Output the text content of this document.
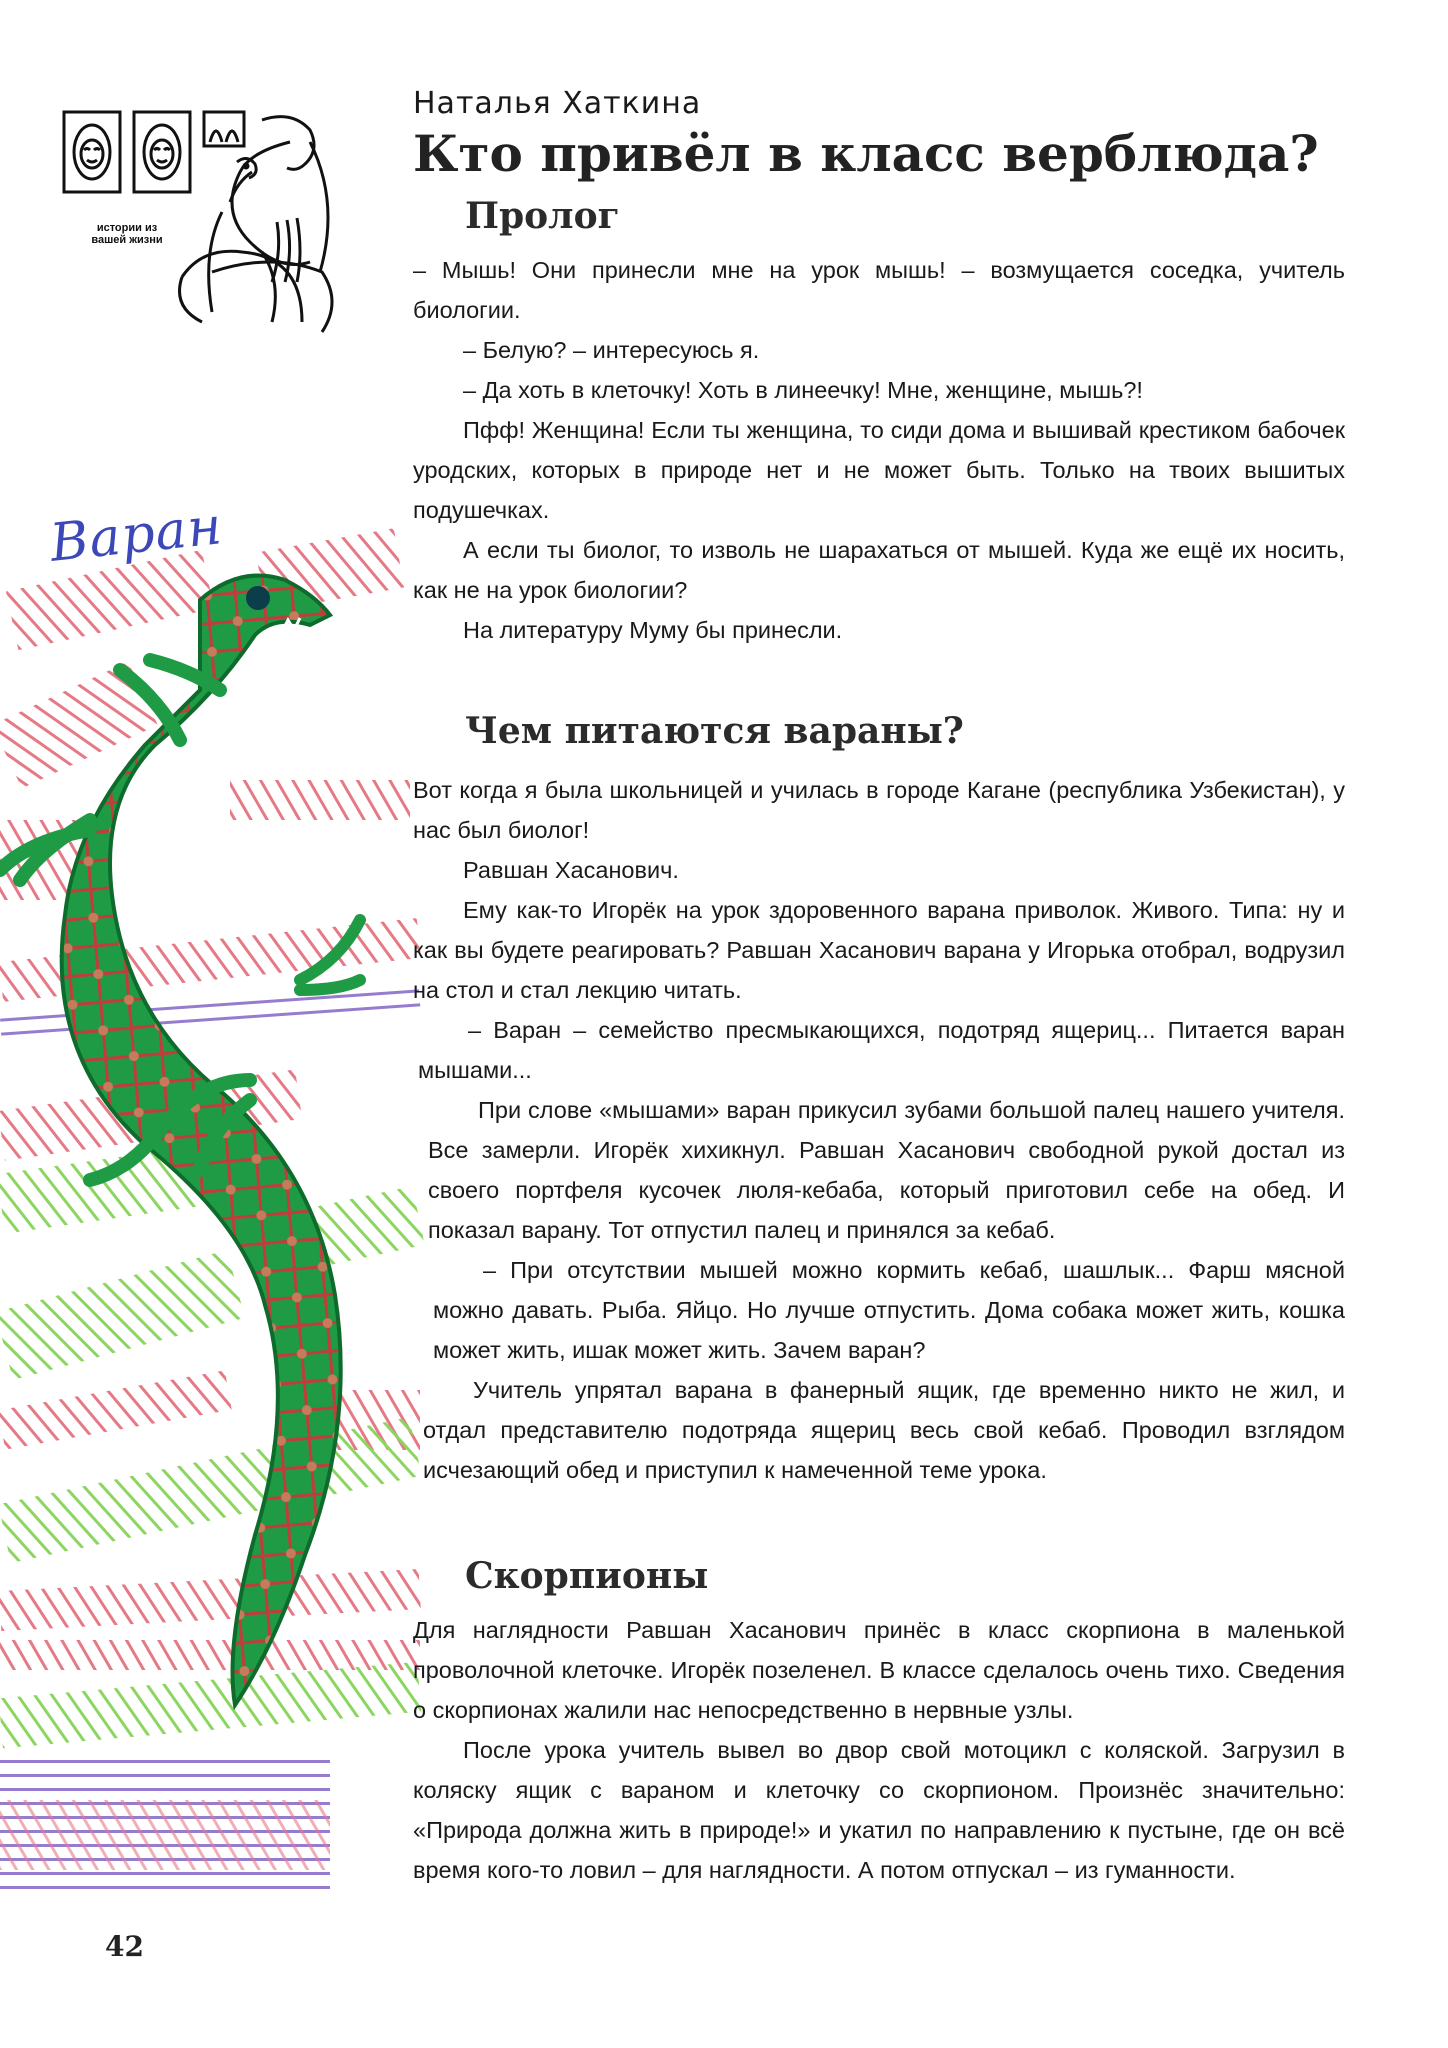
истории из вашей жизни
Варан
Наталья Хаткина
Кто привёл в класс верблюда?
Пролог

– Мышь! Они принесли мне на урок мышь! – возмущается соседка, учитель биологии.

– Белую? – интересуюсь я.

– Да хоть в клеточку! Хоть в линеечку! Мне, женщине, мышь?!

Пфф! Женщина! Если ты женщина, то сиди дома и вышивай крестиком бабочек уродских, которых в природе нет и не может быть. Только на твоих вышитых подушечках.

А если ты биолог, то изволь не шарахаться от мышей. Куда же ещё их носить, как не на урок биологии?

На литературу Муму бы принесли.

Чем питаются вараны?

Вот когда я была школьницей и училась в городе Кагане (республика Узбекистан), у нас был биолог!

Равшан Хасанович.

Ему как-то Игорёк на урок здоровенного варана приволок. Живого. Типа: ну и как вы будете реагировать? Равшан Хасанович варана у Игорька отобрал, водрузил на стол и стал лекцию читать.

– Варан – семейство пресмыкающихся, подотряд ящериц... Питается варан мышами...

При слове «мышами» варан прикусил зубами большой палец нашего учителя. Все замерли. Игорёк хихикнул. Равшан Хасанович свободной рукой достал из своего портфеля кусочек люля-кебаба, который приготовил себе на обед. И показал варану. Тот отпустил палец и принялся за кебаб.

– При отсутствии мышей можно кормить кебаб, шашлык... Фарш мясной можно давать. Рыба. Яйцо. Но лучше отпустить. Дома собака может жить, кошка может жить, ишак может жить. Зачем варан?

Учитель упрятал варана в фанерный ящик, где временно никто не жил, и отдал представителю подотряда ящериц весь свой кебаб. Проводил взглядом исчезающий обед и приступил к намеченной теме урока.

Скорпионы

Для наглядности Равшан Хасанович принёс в класс скорпиона в маленькой проволочной клеточке. Игорёк позеленел. В классе сделалось очень тихо. Сведения о скорпионах жалили нас непосредственно в нервные узлы.

После урока учитель вывел во двор свой мотоцикл с коляской. Загрузил в коляску ящик с вараном и клеточку со скорпионом. Произнёс значительно: «Природа должна жить в природе!» и укатил по направлению к пустыне, где он всё время кого-то ловил – для наглядности. А потом отпускал – из гуманности.

42
